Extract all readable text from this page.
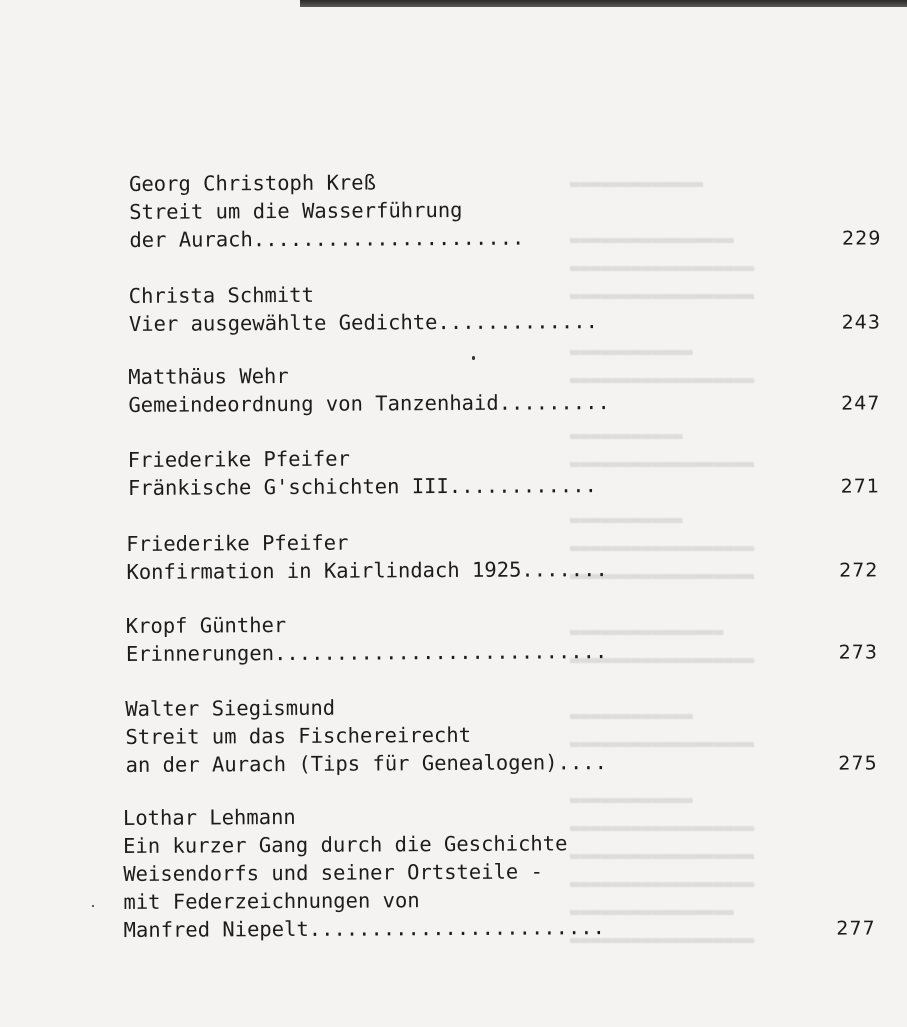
▬▬▬▬▬▬▬▬▬▬▬▬▬
▬▬▬▬▬▬▬▬▬▬▬▬▬▬▬▬
▬▬▬▬▬▬▬▬▬▬▬▬▬▬▬▬▬▬
▬▬▬▬▬▬▬▬▬▬▬▬▬▬▬▬▬▬
▬▬▬▬▬▬▬▬▬▬▬▬
▬▬▬▬▬▬▬▬▬▬▬▬▬▬▬▬▬▬
▬▬▬▬▬▬▬▬▬▬▬
▬▬▬▬▬▬▬▬▬▬▬▬▬▬▬▬▬▬
▬▬▬▬▬▬▬▬▬▬▬
▬▬▬▬▬▬▬▬▬▬▬▬▬▬▬▬▬▬
▬▬▬▬▬▬▬▬▬▬▬▬▬▬▬▬▬▬
▬▬▬▬▬▬▬▬▬▬▬▬▬▬▬
▬▬▬▬▬▬▬▬▬▬▬▬▬▬▬▬▬▬
▬▬▬▬▬▬▬▬▬▬▬▬
▬▬▬▬▬▬▬▬▬▬▬▬▬▬▬▬▬▬
▬▬▬▬▬▬▬▬▬▬▬▬
▬▬▬▬▬▬▬▬▬▬▬▬▬▬▬▬▬▬
▬▬▬▬▬▬▬▬▬▬▬▬▬▬▬▬▬▬
▬▬▬▬▬▬▬▬▬▬▬▬▬▬▬▬▬▬
▬▬▬▬▬▬▬▬▬▬▬▬▬▬▬▬
▬▬▬▬▬▬▬▬▬▬▬▬▬▬▬▬▬▬
Georg Christoph Kreß
Streit um die Wasserführung
der Aurach......................	229
Christa Schmitt
Vier ausgewählte Gedichte.............	243
Matthäus Wehr
Gemeindeordnung von Tanzenhaid.........	247
Friederike Pfeifer
Fränkische G'schichten III............	271
Friederike Pfeifer
Konfirmation in Kairlindach 1925.......	272
Kropf Günther
Erinnerungen...........................	273
Walter Siegismund
Streit um das Fischereirecht
an der Aurach (Tips für Genealogen)....	275
Lothar Lehmann
Ein kurzer Gang durch die Geschichte
Weisendorfs und seiner Ortsteile -
mit Federzeichnungen von
Manfred Niepelt........................	277
